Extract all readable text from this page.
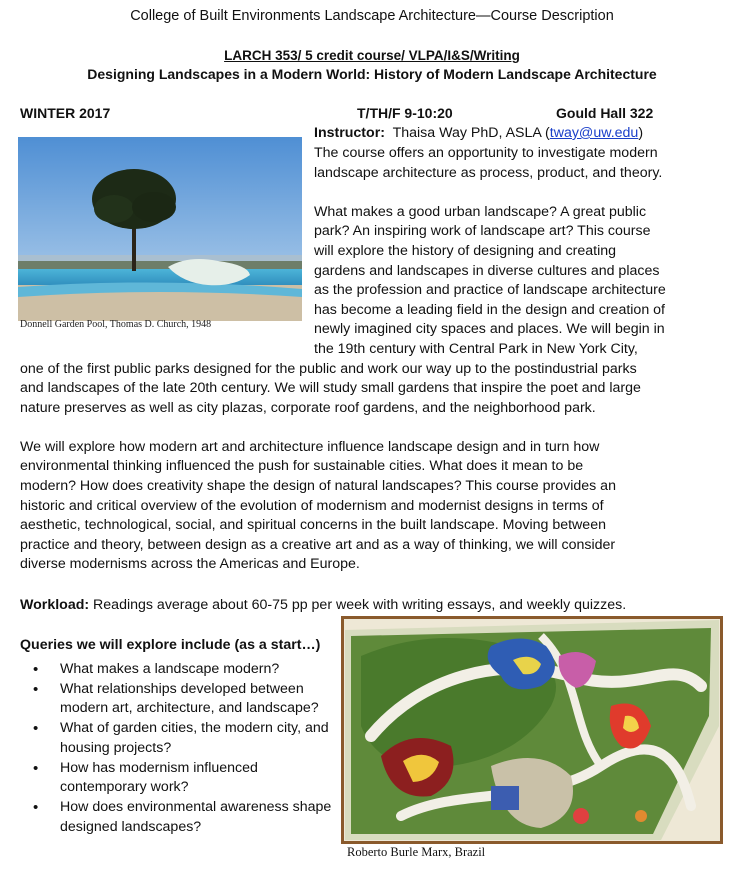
College of Built Environments Landscape Architecture—Course Description
LARCH 353/ 5 credit course/ VLPA/I&S/Writing
Designing Landscapes in a Modern World: History of Modern Landscape Architecture
WINTER 2017	T/TH/F 9-10:20	Gould Hall 322
Donnell Garden Pool, Thomas D. Church, 1948
Instructor: Thaisa Way PhD, ASLA (tway@uw.edu)
The course offers an opportunity to investigate modern
landscape architecture as process, product, and theory.
What makes a good urban landscape? A great public
park? An inspiring work of landscape art? This course
will explore the history of designing and creating
gardens and landscapes in diverse cultures and places
as the profession and practice of landscape architecture
has become a leading field in the design and creation of
newly imagined city spaces and places. We will begin in
the 19th century with Central Park in New York City,
one of the first public parks designed for the public and work our way up to the postindustrial parks
and landscapes of the late 20th century. We will study small gardens that inspire the poet and large
nature preserves as well as city plazas, corporate roof gardens, and the neighborhood park.
We will explore how modern art and architecture influence landscape design and in turn how
environmental thinking influenced the push for sustainable cities. What does it mean to be
modern? How does creativity shape the design of natural landscapes? This course provides an
historic and critical overview of the evolution of modernism and modernist designs in terms of
aesthetic, technological, social, and spiritual concerns in the built landscape. Moving between
practice and theory, between design as a creative art and as a way of thinking, we will consider
diverse modernisms across the Americas and Europe.
Workload: Readings average about 60-75 pp per week with writing essays, and weekly quizzes.
Queries we will explore include (as a start…)
• What makes a landscape modern?
• What relationships developed between modern art, architecture, and landscape?
• What of garden cities, the modern city, and housing projects?
• How has modernism influenced contemporary work?
• How does environmental awareness shape designed landscapes?
Roberto Burle Marx, Brazil
